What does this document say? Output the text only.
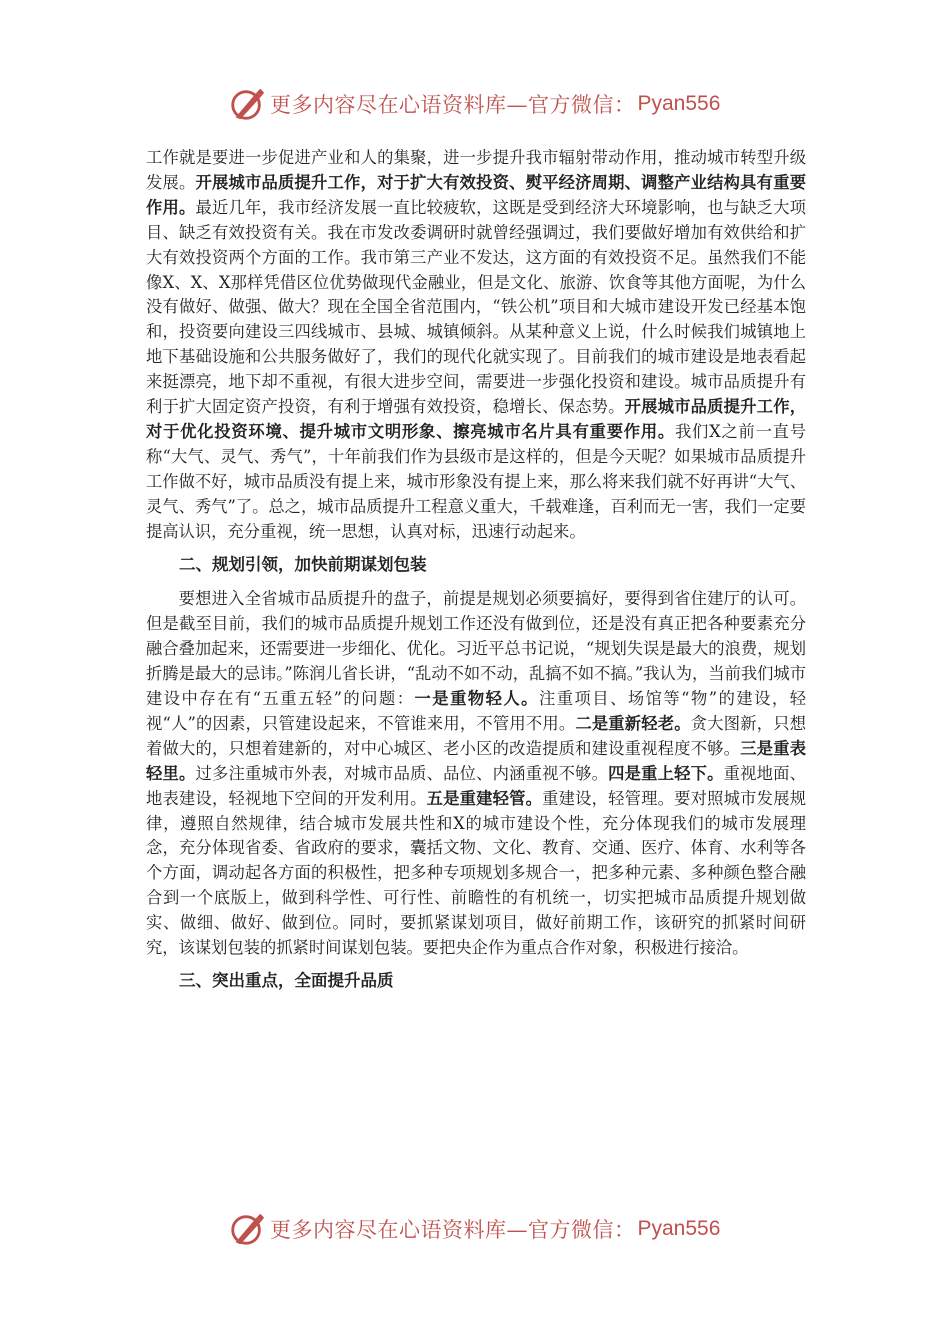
更多内容尽在心语资料库—官方微信： Pyan556

工作就是要进一步促进产业和人的集聚，进一步提升我市辐射带动作用，推动城市转型升级发展。开展城市品质提升工作，对于扩大有效投资、熨平经济周期、调整产业结构具有重要作用。最近几年，我市经济发展一直比较疲软，这既是受到经济大环境影响，也与缺乏大项目、缺乏有效投资有关。我在市发改委调研时就曾经强调过，我们要做好增加有效供给和扩大有效投资两个方面的工作。我市第三产业不发达，这方面的有效投资不足。虽然我们不能像X、X、X那样凭借区位优势做现代金融业，但是文化、旅游、饮食等其他方面呢，为什么没有做好、做强、做大？现在全国全省范围内，“铁公机”项目和大城市建设开发已经基本饱和，投资要向建设三四线城市、县城、城镇倾斜。从某种意义上说，什么时候我们城镇地上地下基础设施和公共服务做好了，我们的现代化就实现了。目前我们的城市建设是地表看起来挺漂亮，地下却不重视，有很大进步空间，需要进一步强化投资和建设。城市品质提升有利于扩大固定资产投资，有利于增强有效投资，稳增长、保态势。开展城市品质提升工作，对于优化投资环境、提升城市文明形象、擦亮城市名片具有重要作用。我们X之前一直号称“大气、灵气、秀气”，十年前我们作为县级市是这样的，但是今天呢？如果城市品质提升工作做不好，城市品质没有提上来，城市形象没有提上来，那么将来我们就不好再讲“大气、灵气、秀气”了。总之，城市品质提升工程意义重大，千载难逢，百利而无一害，我们一定要提高认识，充分重视，统一思想，认真对标，迅速行动起来。

二、规划引领，加快前期谋划包装

要想进入全省城市品质提升的盘子，前提是规划必须要搞好，要得到省住建厅的认可。但是截至目前，我们的城市品质提升规划工作还没有做到位，还是没有真正把各种要素充分融合叠加起来，还需要进一步细化、优化。习近平总书记说，“规划失误是最大的浪费，规划折腾是最大的忌讳。”陈润儿省长讲，“乱动不如不动，乱搞不如不搞。”我认为，当前我们城市建设中存在有“五重五轻”的问题：一是重物轻人。注重项目、场馆等“物”的建设，轻视“人”的因素，只管建设起来，不管谁来用，不管用不用。二是重新轻老。贪大图新，只想着做大的，只想着建新的，对中心城区、老小区的改造提质和建设重视程度不够。三是重表轻里。过多注重城市外表，对城市品质、品位、内涵重视不够。四是重上轻下。重视地面、地表建设，轻视地下空间的开发利用。五是重建轻管。重建设，轻管理。要对照城市发展规律，遵照自然规律，结合城市发展共性和X的城市建设个性，充分体现我们的城市发展理念，充分体现省委、省政府的要求，囊括文物、文化、教育、交通、医疗、体育、水利等各个方面，调动起各方面的积极性，把多种专项规划多规合一，把多种元素、多种颜色整合融合到一个底版上，做到科学性、可行性、前瞻性的有机统一，切实把城市品质提升规划做实、做细、做好、做到位。同时，要抓紧谋划项目，做好前期工作，该研究的抓紧时间研究，该谋划包装的抓紧时间谋划包装。要把央企作为重点合作对象，积极进行接洽。

三、突出重点，全面提升品质

更多内容尽在心语资料库—官方微信： Pyan556
